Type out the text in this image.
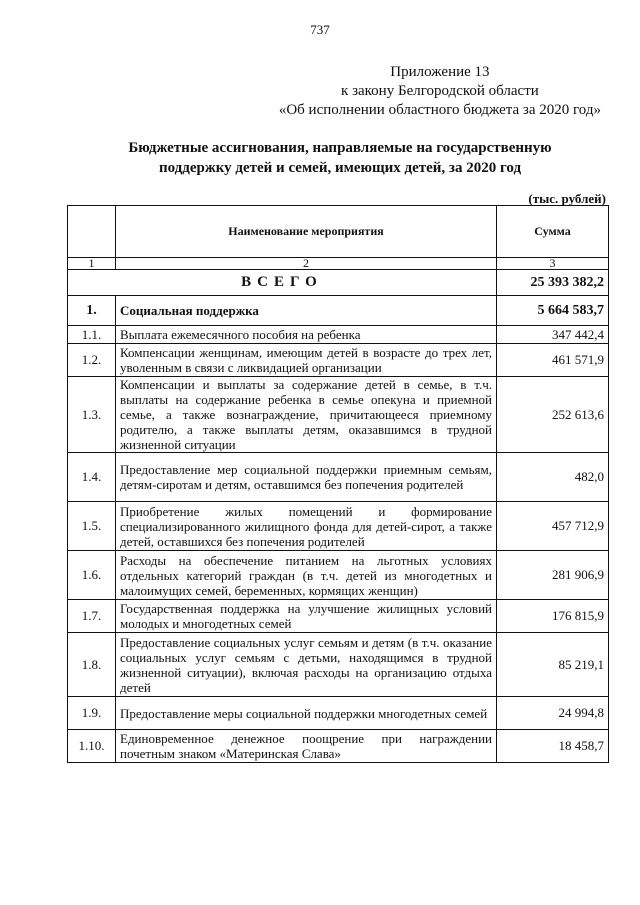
737
Приложение 13
к закону Белгородской области
«Об исполнении областного бюджета за 2020 год»
Бюджетные ассигнования, направляемые на государственную
поддержку детей и семей, имеющих детей, за 2020 год
(тыс. рублей)
	Наименование мероприятия	Сумма
1	2	3
ВСЕГО		25 393 382,2
1.	Социальная поддержка	5 664 583,7
1.1.	Выплата ежемесячного пособия на ребенка	347 442,4
1.2.	Компенсации женщинам, имеющим детей в возрасте до трех лет, уволенным в связи с ликвидацией организации	461 571,9
1.3.	Компенсации и выплаты за содержание детей в семье, в т.ч. выплаты на содержание ребенка в семье опекуна и приемной семье, а также вознаграждение, причитающееся приемному родителю, а также выплаты детям, оказавшимся в трудной жизненной ситуации	252 613,6
1.4.	Предоставление мер социальной поддержки приемным семьям, детям-сиротам и детям, оставшимся без попечения родителей	482,0
1.5.	Приобретение жилых помещений и формирование специализированного жилищного фонда для детей-сирот, а также детей, оставшихся без попечения родителей	457 712,9
1.6.	Расходы на обеспечение питанием на льготных условиях отдельных категорий граждан (в т.ч. детей из многодетных и малоимущих семей, беременных, кормящих женщин)	281 906,9
1.7.	Государственная поддержка на улучшение жилищных условий молодых и многодетных семей	176 815,9
1.8.	Предоставление социальных услуг семьям и детям (в т.ч. оказание социальных услуг семьям с детьми, находящимся в трудной жизненной ситуации), включая расходы на организацию отдыха детей	85 219,1
1.9.	Предоставление меры социальной поддержки многодетных семей	24 994,8
1.10.	Единовременное денежное поощрение при награждении почетным знаком «Материнская Слава»	18 458,7
